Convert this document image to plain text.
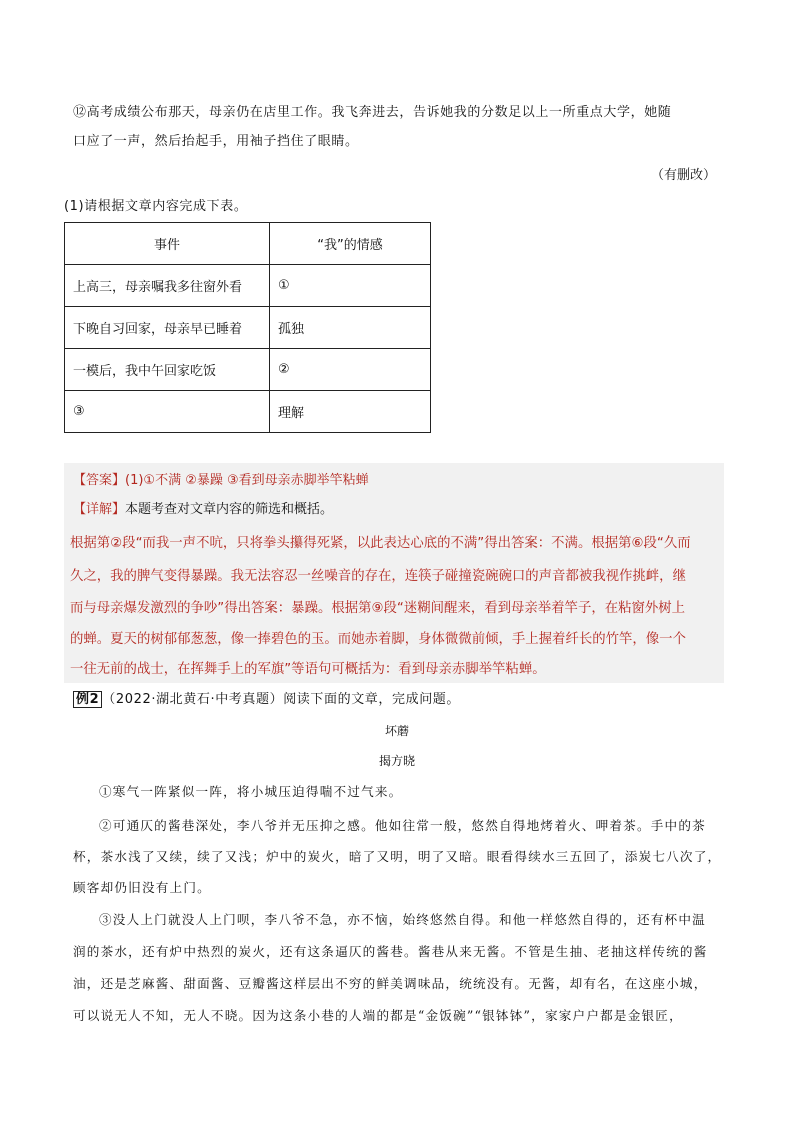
⑫高考成绩公布那天，母亲仍在店里工作。我飞奔进去，告诉她我的分数足以上一所重点大学，她随
口应了一声，然后抬起手，用袖子挡住了眼睛。
（有删改）
(1)请根据文章内容完成下表。
事件	“我”的情感
上高三，母亲嘱我多往窗外看	①
下晚自习回家，母亲早已睡着	孤独
一模后，我中午回家吃饭	②
③	理解
【答案】(1)①不满 ②暴躁 ③看到母亲赤脚举竿粘蝉
【详解】本题考查对文章内容的筛选和概括。
根据第②段“而我一声不吭，只将拳头攥得死紧，以此表达心底的不满”得出答案：不满。根据第⑥段“久而
久之，我的脾气变得暴躁。我无法容忍一丝噪音的存在，连筷子碰撞瓷碗碗口的声音都被我视作挑衅，继
而与母亲爆发激烈的争吵”得出答案：暴躁。根据第⑨段“迷糊间醒来，看到母亲举着竿子，在粘窗外树上
的蝉。夏天的树郁郁葱葱，像一捧碧色的玉。而她赤着脚，身体微微前倾，手上握着纤长的竹竿，像一个
一往无前的战士，在挥舞手上的军旗”等语句可概括为：看到母亲赤脚举竿粘蝉。
例2 （2022·湖北黄石·中考真题）阅读下面的文章，完成问题。
坏蘑
揭方晓
①寒气一阵紧似一阵，将小城压迫得喘不过气来。
②可通仄的酱巷深处，李八爷并无压抑之感。他如往常一般，悠然自得地烤着火、呷着茶。手中的茶
杯，茶水浅了又续，续了又浅；炉中的炭火，暗了又明，明了又暗。眼看得续水三五回了，添炭七八次了，
顾客却仍旧没有上门。
③没人上门就没人上门呗，李八爷不急，亦不恼，始终悠然自得。和他一样悠然自得的，还有杯中温
润的茶水，还有炉中热烈的炭火，还有这条逼仄的酱巷。酱巷从来无酱。不管是生抽、老抽这样传统的酱
油，还是芝麻酱、甜面酱、豆瓣酱这样层出不穷的鲜美调味品，统统没有。无酱，却有名，在这座小城，
可以说无人不知，无人不晓。因为这条小巷的人端的都是“金饭碗”“银钵钵”，家家户户都是金银匠，
